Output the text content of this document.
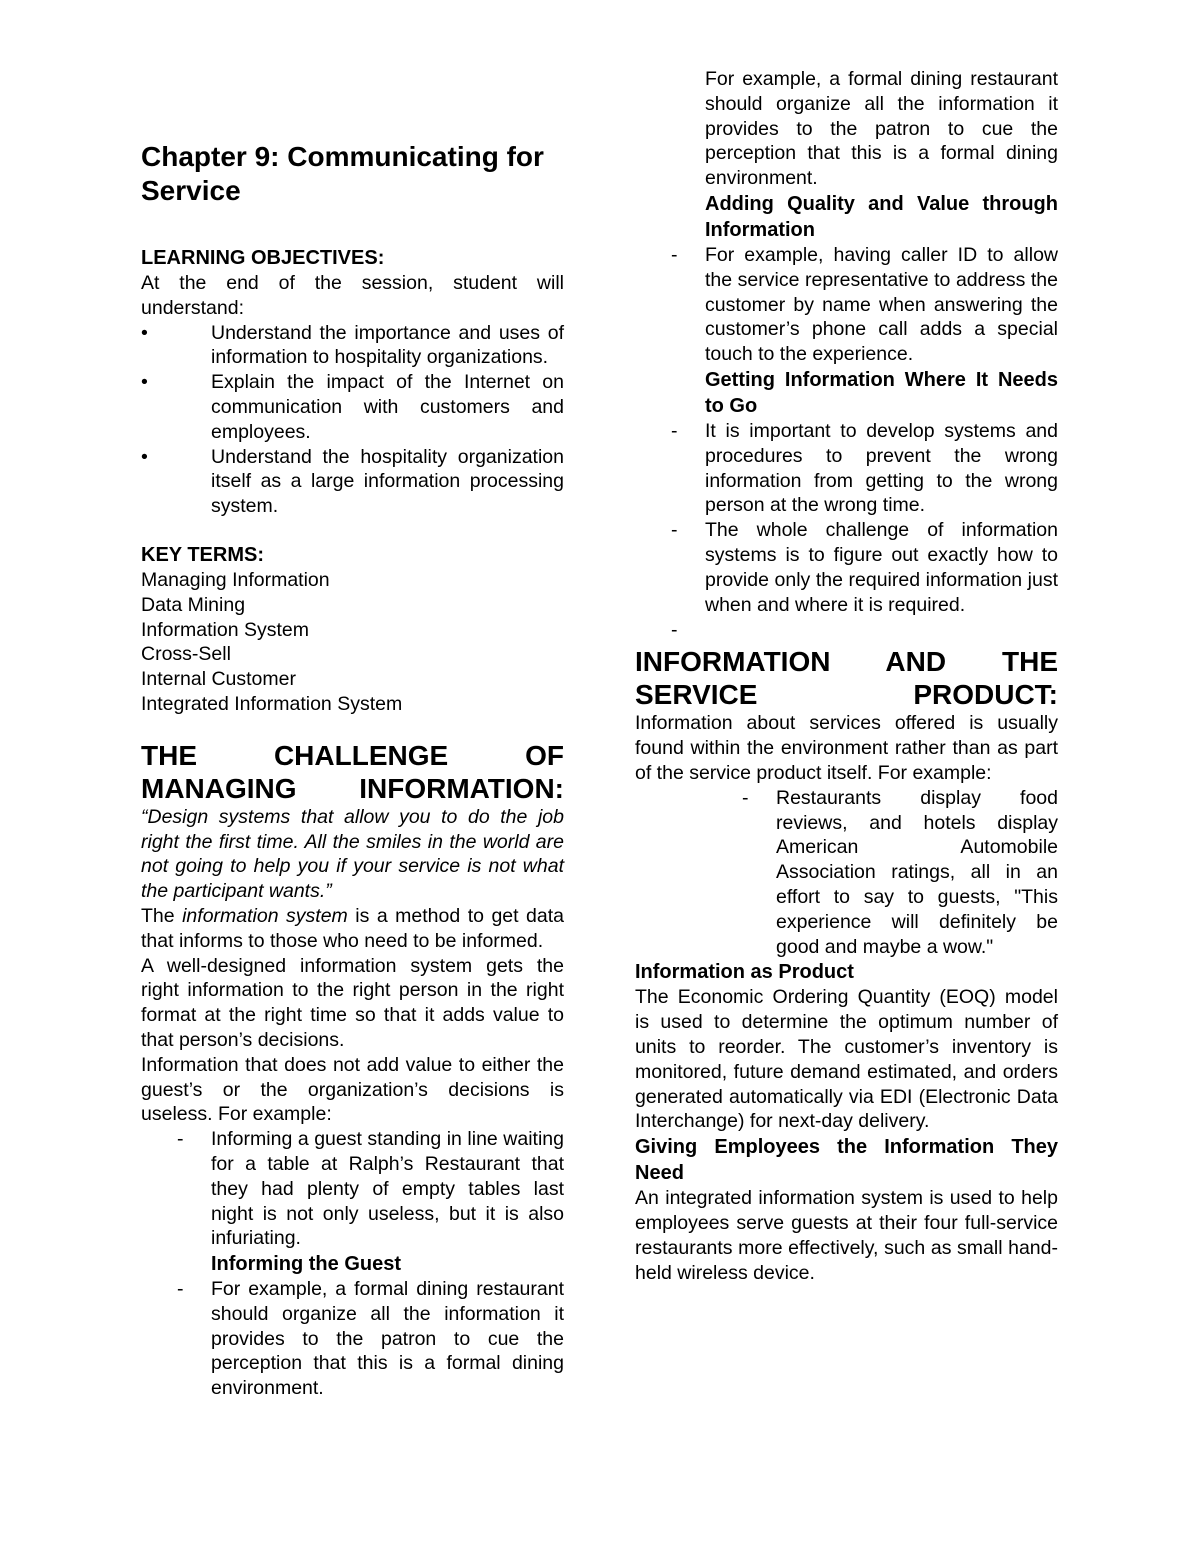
Chapter 9: Communicating for Service
LEARNING OBJECTIVES:

At the end of the session, student will understand:

•	Understand the importance and uses of information to hospitality organizations.
•	Explain the impact of the Internet on communication with customers and employees.
•	Understand the hospitality organization itself as a large information processing system.
KEY TERMS:
Managing Information
Data Mining
Information System
Cross-Sell
Internal Customer
Integrated Information System
THE CHALLENGE OF
MANAGING INFORMATION:

“Design systems that allow you to do the job right the first time. All the smiles in the world are not going to help you if your service is not what the participant wants.”

The information system is a method to get data that informs to those who need to be informed.

A well-designed information system gets the right information to the right person in the right format at the right time so that it adds value to that person’s decisions.

Information that does not add value to either the guest’s or the organization’s decisions is useless. For example:

- Informing a guest standing in line waiting for a table at Ralph’s Restaurant that they had plenty of empty tables last night is not only useless, but it is also infuriating.
Informing the Guest
- For example, a formal dining restaurant should organize all the information it provides to the patron to cue the perception that this is a formal dining environment.
For example, a formal dining restaurant should organize all the information it provides to the patron to cue the perception that this is a formal dining environment.
Adding Quality and Value through Information
- For example, having caller ID to allow the service representative to address the customer by name when answering the customer’s phone call adds a special touch to the experience.
Getting Information Where It Needs to Go
- It is important to develop systems and procedures to prevent the wrong information from getting to the wrong person at the wrong time.
- The whole challenge of information systems is to figure out exactly how to provide only the required information just when and where it is required.
-
INFORMATION AND THE
SERVICE PRODUCT:

Information about services offered is usually found within the environment rather than as part of the service product itself. For example:

- Restaurants display food reviews, and hotels display American Automobile Association ratings, all in an effort to say to guests, "This experience will definitely be good and maybe a wow."
Information as Product

The Economic Ordering Quantity (EOQ) model is used to determine the optimum number of units to reorder. The customer’s inventory is monitored, future demand estimated, and orders generated automatically via EDI (Electronic Data Interchange) for next-day delivery.

Giving Employees the Information They Need

An integrated information system is used to help employees serve guests at their four full-service restaurants more effectively, such as small hand-held wireless device.
